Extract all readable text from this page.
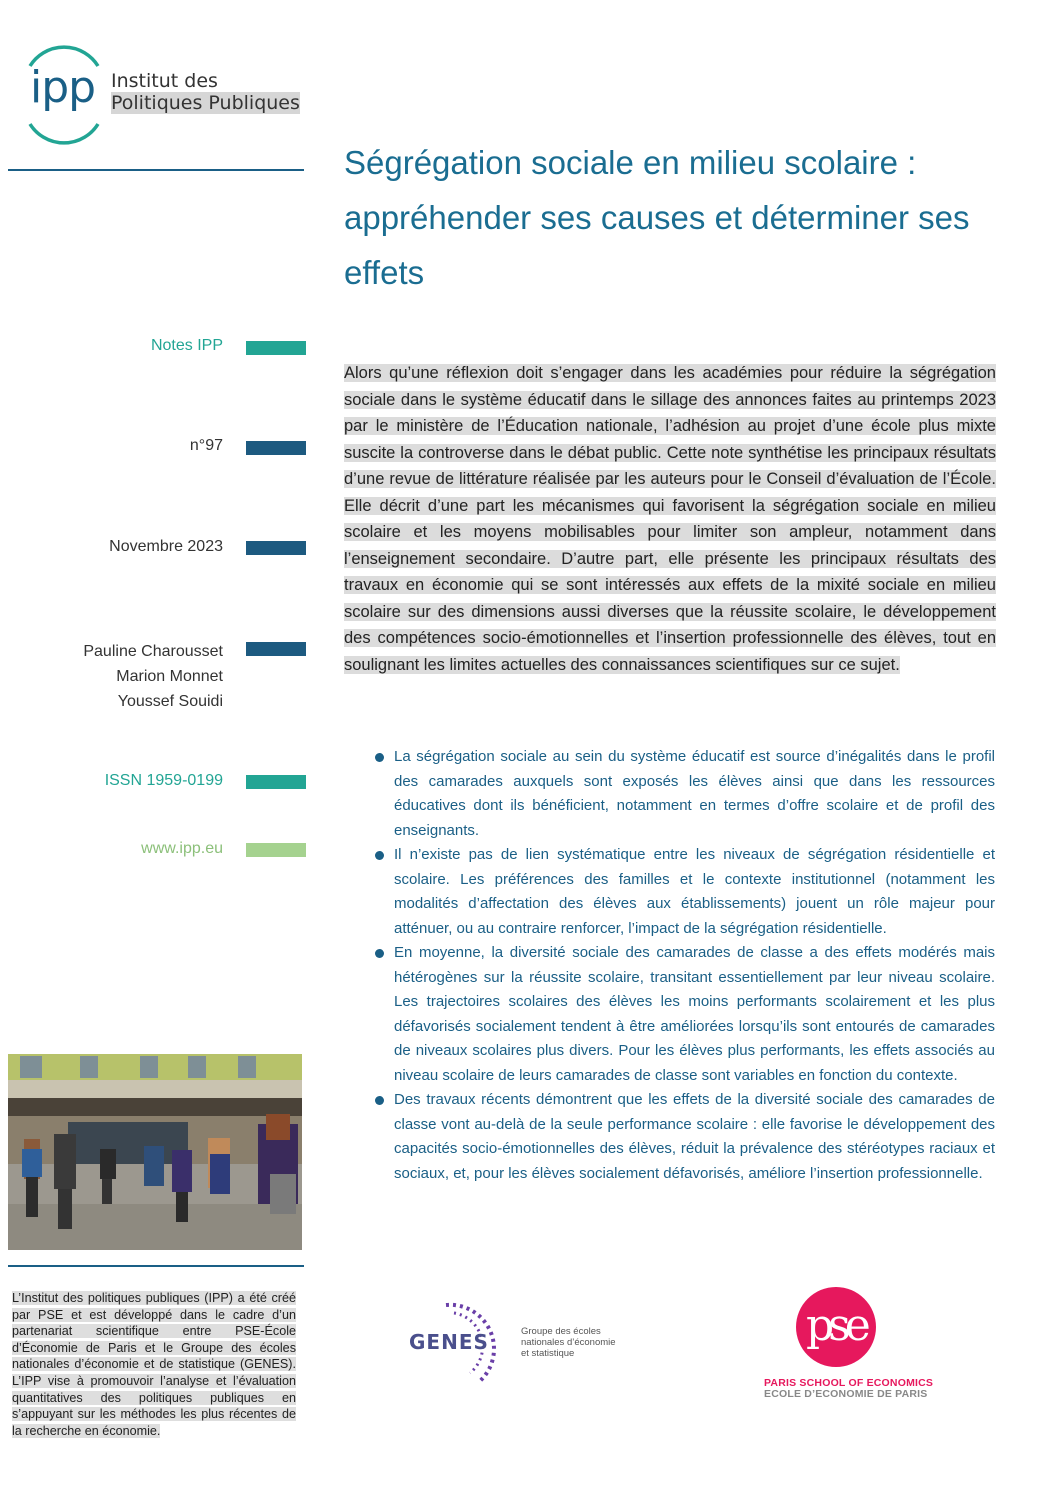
ipp Institut des
Politiques Publiques
Ségrégation sociale en milieu scolaire : appréhender ses causes et déterminer ses effets
Notes IPP
n°97
Novembre 2023
Pauline Charousset
Marion Monnet
Youssef Souidi
ISSN 1959-0199
www.ipp.eu
Alors qu’une réflexion doit s’engager dans les académies pour réduire la ségrégation sociale dans le système éducatif dans le sillage des annonces faites au printemps 2023 par le ministère de l’Éducation nationale, l’adhésion au projet d’une école plus mixte suscite la controverse dans le débat public. Cette note synthétise les principaux résultats d’une revue de littérature réalisée par les auteurs pour le Conseil d’évaluation de l’École. Elle décrit d’une part les mécanismes qui favorisent la ségrégation sociale en milieu scolaire et les moyens mobilisables pour limiter son ampleur, notamment dans l’enseignement secondaire. D’autre part, elle présente les principaux résultats des travaux en économie qui se sont intéressés aux effets de la mixité sociale en milieu scolaire sur des dimensions aussi diverses que la réussite scolaire, le développement des compétences socio-émotionnelles et l’insertion professionnelle des élèves, tout en soulignant les limites actuelles des connaissances scientifiques sur ce sujet.
La ségrégation sociale au sein du système éducatif est source d’inégalités dans le profil des camarades auxquels sont exposés les élèves ainsi que dans les ressources éducatives dont ils bénéficient, notamment en termes d’offre scolaire et de profil des enseignants.
Il n’existe pas de lien systématique entre les niveaux de ségrégation résidentielle et scolaire. Les préférences des familles et le contexte institutionnel (notamment les modalités d’affectation des élèves aux établissements) jouent un rôle majeur pour atténuer, ou au contraire renforcer, l’impact de la ségrégation résidentielle.
En moyenne, la diversité sociale des camarades de classe a des effets modérés mais hétérogènes sur la réussite scolaire, transitant essentiellement par leur niveau scolaire. Les trajectoires scolaires des élèves les moins performants scolairement et les plus défavorisés socialement tendent à être améliorées lorsqu’ils sont entourés de camarades de niveaux scolaires plus divers. Pour les élèves plus performants, les effets associés au niveau scolaire de leurs camarades de classe sont variables en fonction du contexte.
Des travaux récents démontrent que les effets de la diversité sociale des camarades de classe vont au-delà de la seule performance scolaire : elle favorise le développement des capacités socio-émotionnelles des élèves, réduit la prévalence des stéréotypes raciaux et sociaux, et, pour les élèves socialement défavorisés, améliore l’insertion professionnelle.
L’Institut des politiques publiques (IPP) a été créé par PSE et est développé dans le cadre d’un partenariat scientifique entre PSE-École d’Économie de Paris et le Groupe des écoles nationales d’économie et de statistique (GENES). L’IPP vise à promouvoir l’analyse et l’évaluation quantitatives des politiques publiques en s’appuyant sur les méthodes les plus récentes de la recherche en économie.
GENES	Groupe des écoles
nationales d’économie
et statistique
pse
PARIS SCHOOL OF ECONOMICS
ECOLE D’ECONOMIE DE PARIS
